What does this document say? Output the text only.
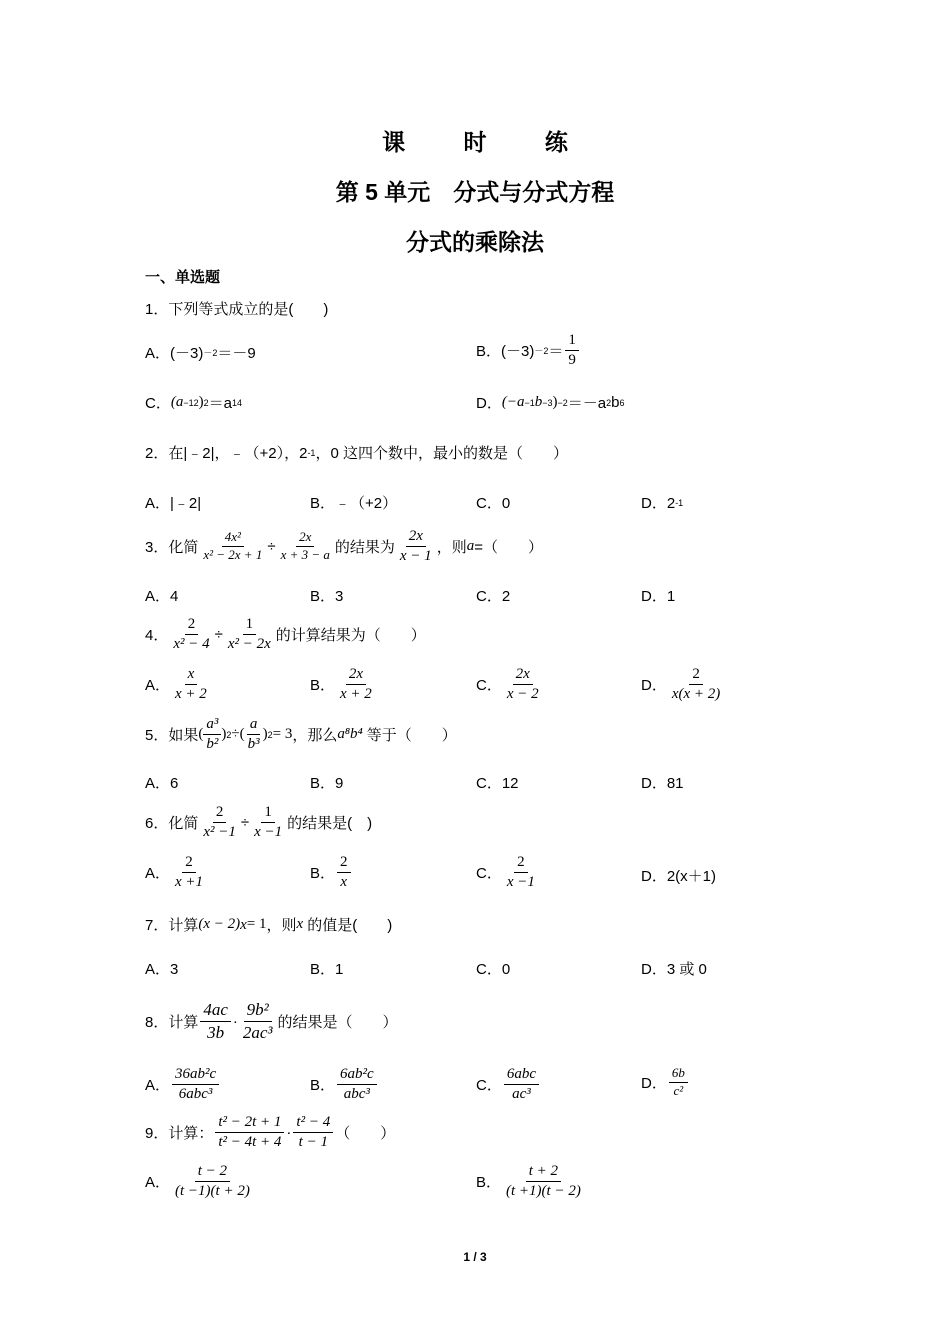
课 时 练
第 5 单元　分式与分式方程
分式的乘除法
一、单选题
1．下列等式成立的是(　　)
A． (－3) －2 ＝－9	B． $(-3) -2 = \frac{1}{9}$
C． (a −12 ) 2 ＝a 14	D． (−a −1 b −3 ) −2 ＝－a 2 b 6
2．在|﹣2|，﹣（+2），2 -1 ，0 这四个数中，最小的数是（　　）
A．|﹣2|	B．﹣（+2）	C．0	D．2 -1
3．化简 $\frac{\text{4x²}}{\text{x² − 2x + 1}} \div \frac{2x}{x + 3 - a}$ 的结果为 $\frac{2x}{x - 1}$ ，则 a =（　　）
A．4	B．3	C．2	D．1
4． $\frac{2}{\text{x² − 4}} \div \frac{1}{\text{x² − 2x}}$ 的计算结果为（　　）
A． $\frac{x}{x + 2}$	B． $\frac{2x}{x + 2}$	C． $\frac{2x}{x - 2}$	D． $\frac{2}{x(x + 2)}$
5．如果 ( $\frac{\text{a³}}{\text{b²}}$ ) 2 ÷ ( $\frac{a}{\text{b³}}$ ) 2 = 3 ，那么 a⁸b⁴ 等于（　　）
A．6	B．9	C．12	D．81
6．化简 $\frac{2}{\text{x² −1}} \div \frac{1}{x -1}$ 的结果是(　)
A． $\frac{2}{x +1}$	B． $\frac{2}{x}$	C． $\frac{2}{x -1}$	D．2(x＋1)
7．计算 (x − 2) x = 1 ，则 x 的值是(　　)
A．3	B．1	C．0	D．3 或 0
8．计算 $\frac{4ac}{3b} \cdot \frac{\text{9b²}}{\text{2ac³}}$ 的结果是（　　）
A． $\frac{\text{36ab²c}}{\text{6abc³}}$	B． $\frac{\text{6ab²c}}{\text{abc³}}$	C． $\frac{\text{6abc}}{\text{ac³}}$	D． $\frac{6b}{\text{c²}}$
9．计算： $\frac{\text{t² − 2t + 1}}{\text{t² − 4t + 4}} \cdot \frac{\text{t² − 4}}{t - 1}$ （　　）
A． $\frac{t - 2}{(t -1)(t + 2)}$	B． $\frac{t + 2}{(t +1)(t - 2)}$
1 / 3
